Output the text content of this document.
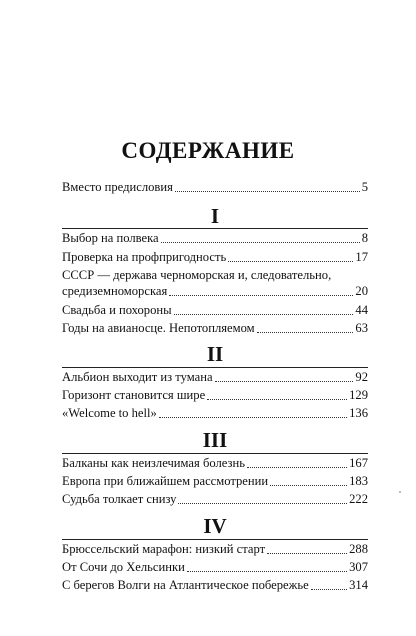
СОДЕРЖАНИЕ
Вместо предисловия	5
I
Выбор на полвека	8
Проверка на профпригодность	17
СССР — держава черноморская и, следовательно,
средиземноморская	20
Свадьба и похороны	44
Годы на авианосце. Непотопляемом	63
II
Альбион выходит из тумана	92
Горизонт становится шире	129
«Welcome to hell»	136
III
Балканы как неизлечимая болезнь	167
Европа при ближайшем рассмотрении	183
Судьба толкает снизу	222
IV
Брюссельский марафон: низкий старт	288
От Сочи до Хельсинки	307
С берегов Волги на Атлантическое побережье	314
